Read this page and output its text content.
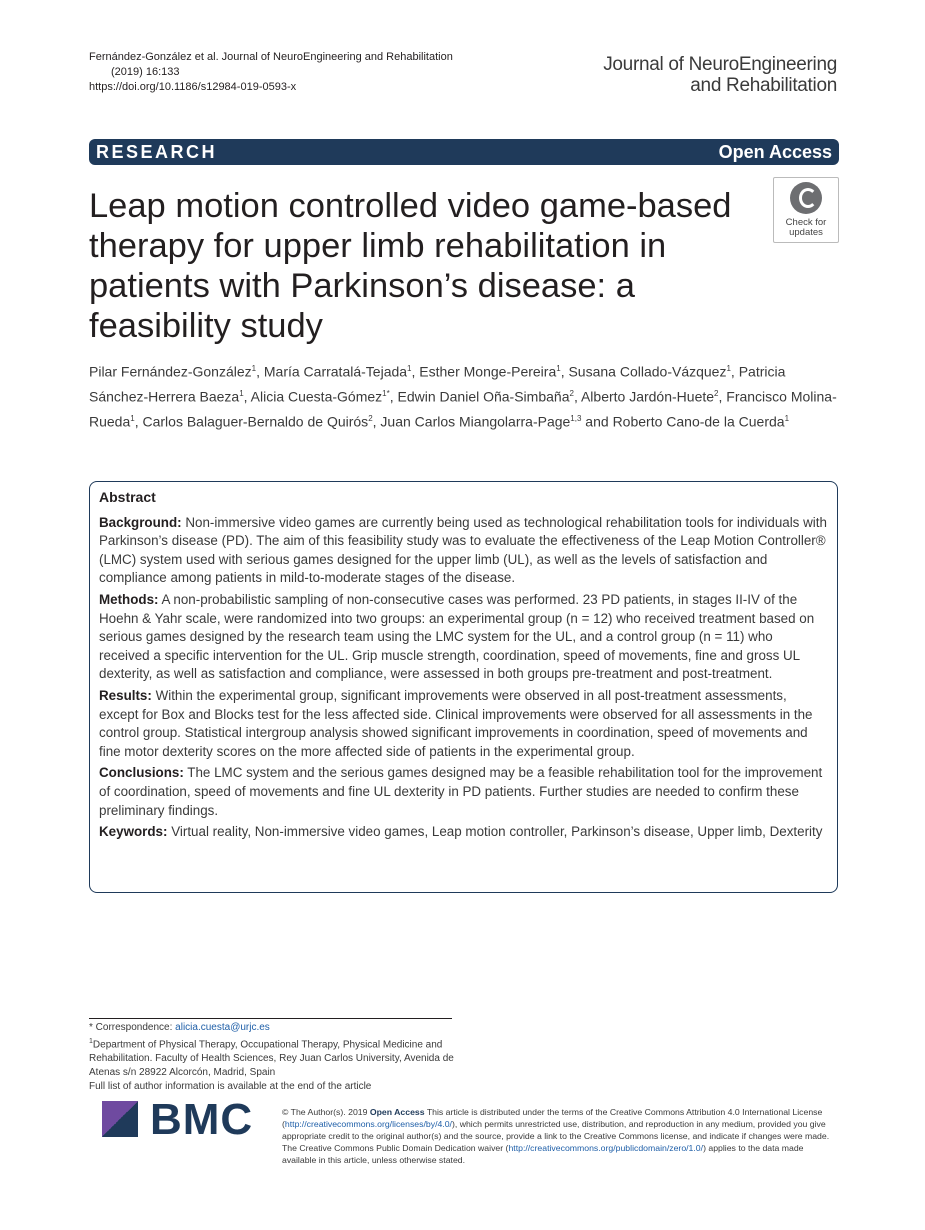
Fernández-González et al. Journal of NeuroEngineering and Rehabilitation
(2019) 16:133
https://doi.org/10.1186/s12984-019-0593-x
Journal of NeuroEngineering
and Rehabilitation
RESEARCH	Open Access
Leap motion controlled video game-based therapy for upper limb rehabilitation in patients with Parkinson’s disease: a feasibility study
Check for
updates
Pilar Fernández-González$^1$, María Carratalá-Tejada$^1$, Esther Monge-Pereira$^1$, Susana Collado-Vázquez$^1$, Patricia Sánchez-Herrera Baeza$^1$, Alicia Cuesta-Gómez$^{1*}$, Edwin Daniel Oña-Simbaña$^2$, Alberto Jardón-Huete$^2$, Francisco Molina-Rueda$^1$, Carlos Balaguer-Bernaldo de Quirós$^2$, Juan Carlos Miangolarra-Page$^{1,3}$ and Roberto Cano-de la Cuerda$^1$
Abstract

Background: Non-immersive video games are currently being used as technological rehabilitation tools for individuals with Parkinson’s disease (PD). The aim of this feasibility study was to evaluate the effectiveness of the Leap Motion Controller® (LMC) system used with serious games designed for the upper limb (UL), as well as the levels of satisfaction and compliance among patients in mild-to-moderate stages of the disease.

Methods: A non-probabilistic sampling of non-consecutive cases was performed. 23 PD patients, in stages II-IV of the Hoehn & Yahr scale, were randomized into two groups: an experimental group (n = 12) who received treatment based on serious games designed by the research team using the LMC system for the UL, and a control group (n = 11) who received a specific intervention for the UL. Grip muscle strength, coordination, speed of movements, fine and gross UL dexterity, as well as satisfaction and compliance, were assessed in both groups pre-treatment and post-treatment.

Results: Within the experimental group, significant improvements were observed in all post-treatment assessments, except for Box and Blocks test for the less affected side. Clinical improvements were observed for all assessments in the control group. Statistical intergroup analysis showed significant improvements in coordination, speed of movements and fine motor dexterity scores on the more affected side of patients in the experimental group.

Conclusions: The LMC system and the serious games designed may be a feasible rehabilitation tool for the improvement of coordination, speed of movements and fine UL dexterity in PD patients. Further studies are needed to confirm these preliminary findings.

Keywords: Virtual reality, Non-immersive video games, Leap motion controller, Parkinson’s disease, Upper limb, Dexterity

* Correspondence: alicia.cuesta@urjc.es
$^1$Department of Physical Therapy, Occupational Therapy, Physical Medicine and Rehabilitation. Faculty of Health Sciences, Rey Juan Carlos University, Avenida de Atenas s/n 28922 Alcorcón, Madrid, Spain
Full list of author information is available at the end of the article
BMC	© The Author(s). 2019 Open Access This article is distributed under the terms of the Creative Commons Attribution 4.0 International License (http://creativecommons.org/licenses/by/4.0/), which permits unrestricted use, distribution, and reproduction in any medium, provided you give appropriate credit to the original author(s) and the source, provide a link to the Creative Commons license, and indicate if changes were made. The Creative Commons Public Domain Dedication waiver (http://creativecommons.org/publicdomain/zero/1.0/) applies to the data made available in this article, unless otherwise stated.
